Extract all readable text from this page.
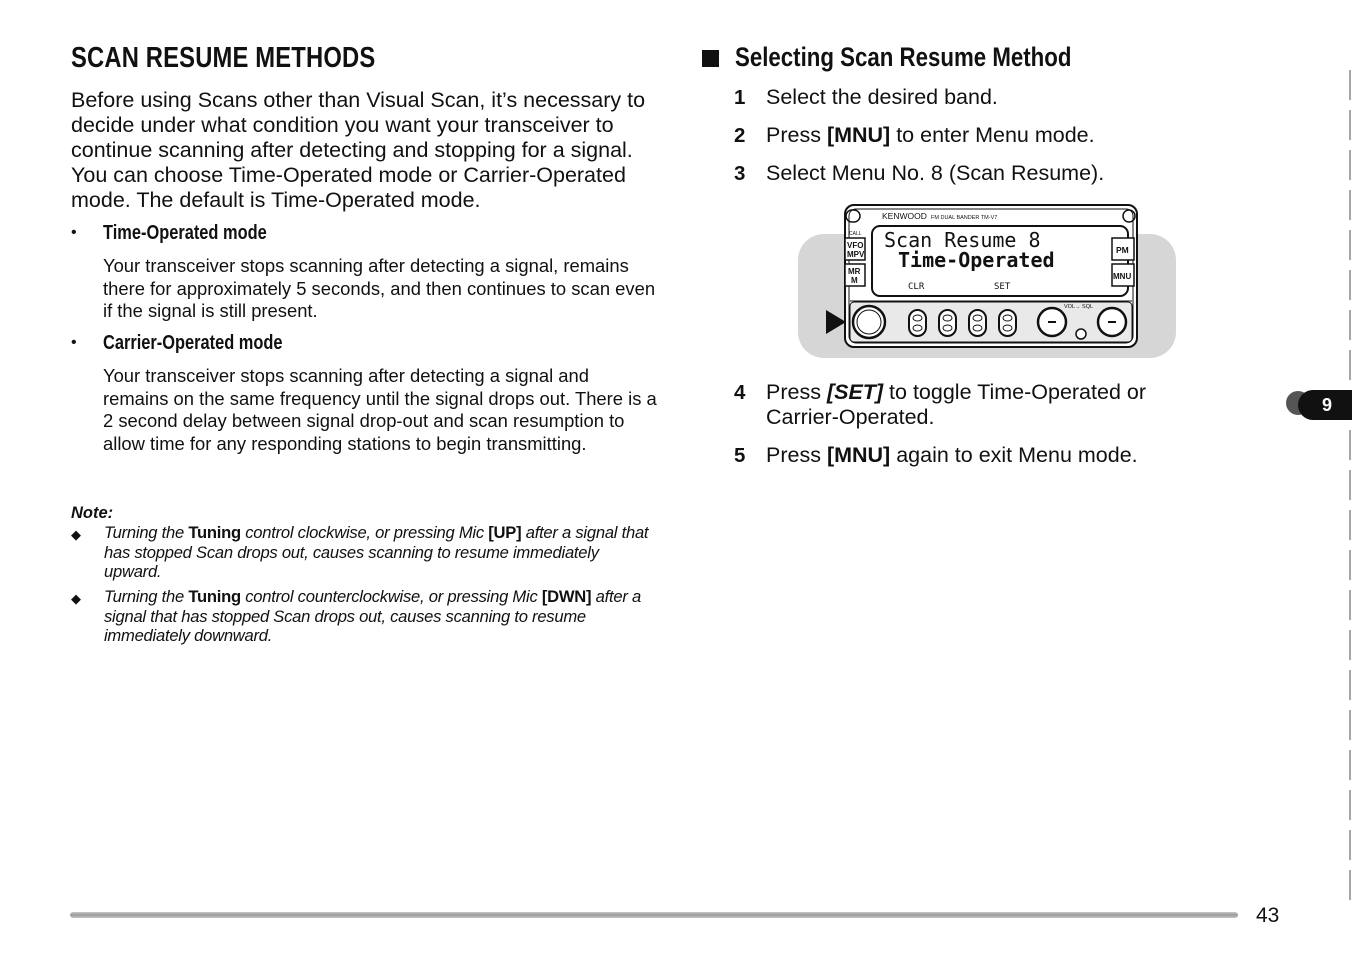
SCAN RESUME METHODS
Before using Scans other than Visual Scan, it’s necessary to decide under what condition you want your transceiver to continue scanning after detecting and stopping for a signal. You can choose Time-Operated mode or Carrier-Operated mode. The default is Time-Operated mode.
• Time-Operated mode
Your transceiver stops scanning after detecting a signal, remains there for approximately 5 seconds, and then continues to scan even if the signal is still present.
• Carrier-Operated mode
Your transceiver stops scanning after detecting a signal and remains on the same frequency until the signal drops out. There is a 2 second delay between signal drop-out and scan resumption to allow time for any responding stations to begin transmitting.
Note:
◆ Turning the Tuning control clockwise, or pressing Mic [UP] after a signal that has stopped Scan drops out, causes scanning to resume immediately upward.
◆ Turning the Tuning control counterclockwise, or pressing Mic [DWN] after a signal that has stopped Scan drops out, causes scanning to resume immediately downward.
Selecting Scan Resume Method
1 Select the desired band.
2 Press [MNU] to enter Menu mode.
3 Select Menu No. 8 (Scan Resume).
KENWOOD FM DUAL BANDER TM-V7
CALL
VFO
MPV
MR
M
Scan Resume 8
Time-Operated
CLR	SET
PM
MNU
VOL→ SQL
4 Press [SET] to toggle Time-Operated or Carrier-Operated.
5 Press [MNU] again to exit Menu mode.
9
43
